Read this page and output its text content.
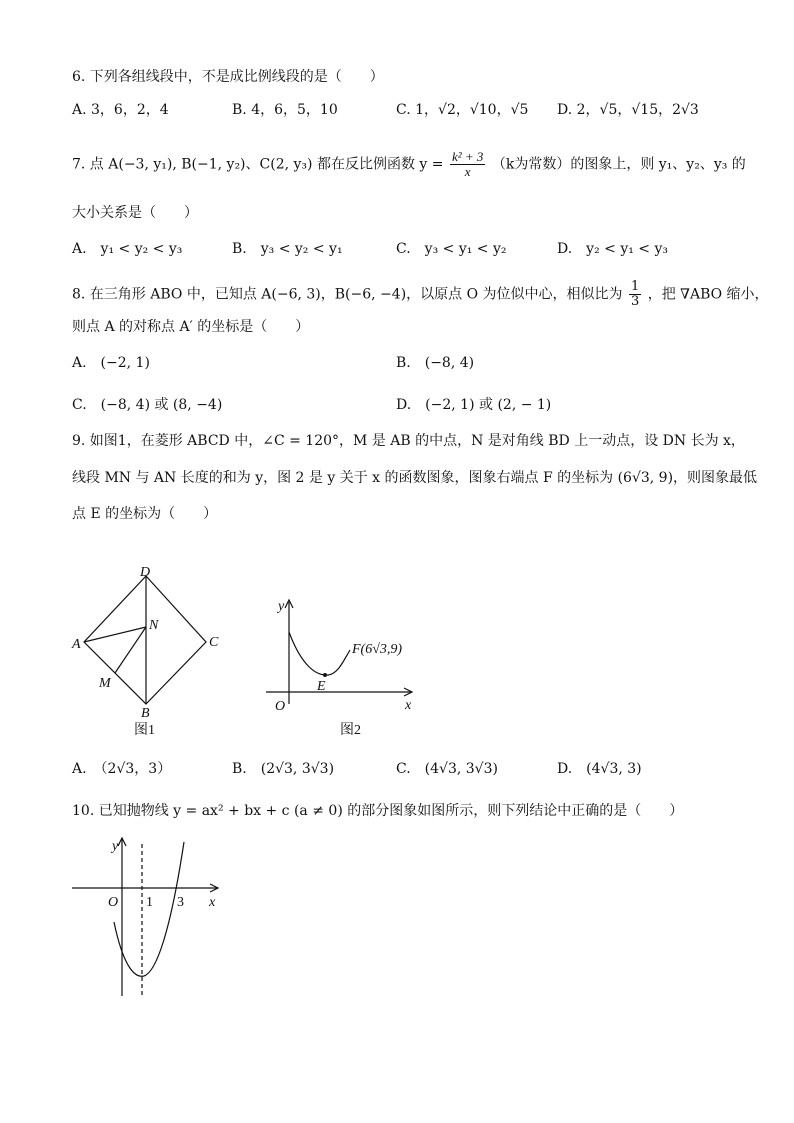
6. 下列各组线段中，不是成比例线段的是（　　）
A. 3，6，2，4	B. 4，6，5，10	C. 1，√2，√10，√5 D. 2，√5，√15，2√3
7. 点 A(−3, y₁), B(−1, y₂)、C(2, y₃) 都在反比例函数 $y = \frac{\text{k² + 3}}{x} (k$为常数）的图象上，则 y₁、y₂、y₃ 的
大小关系是（　　）
A.　y₁ < y₂ < y₃	B.　y₃ < y₂ < y₁	C.　y₃ < y₁ < y₂	D.　y₂ < y₁ < y₃
8. 在三角形 ABO 中，已知点 A(−6, 3)，B(−6, −4)，以原点 O 为位似中心，相似比为 $\frac{1}{3}$ ，把 ∇ABO 缩小，
则点 A 的对称点 A′ 的坐标是（　　）
A.　(−2, 1)	B.　(−8, 4)
C.　(−8, 4) 或 (8, −4)	D.　(−2, 1) 或 (2, − 1)
9. 如图1，在菱形 ABCD 中，∠C = 120°，M 是 AB 的中点，N 是对角线 BD 上一动点，设 DN 长为 x，
线段 MN 与 AN 长度的和为 y，图 2 是 y 关于 x 的函数图象，图象右端点 F 的坐标为 (6√3, 9)，则图象最低
点 E 的坐标为（　　）
D
C
A
B
N
M
图1
y
x
O
E
F(6√3,9)
图2
A.　（2√3，3）	B.　(2√3, 3√3)	C.　(4√3, 3√3)	D.　(4√3, 3)
10. 已知抛物线 y = ax² + bx + c (a ≠ 0) 的部分图象如图所示，则下列结论中正确的是（　　）
y
x
O 1 3
